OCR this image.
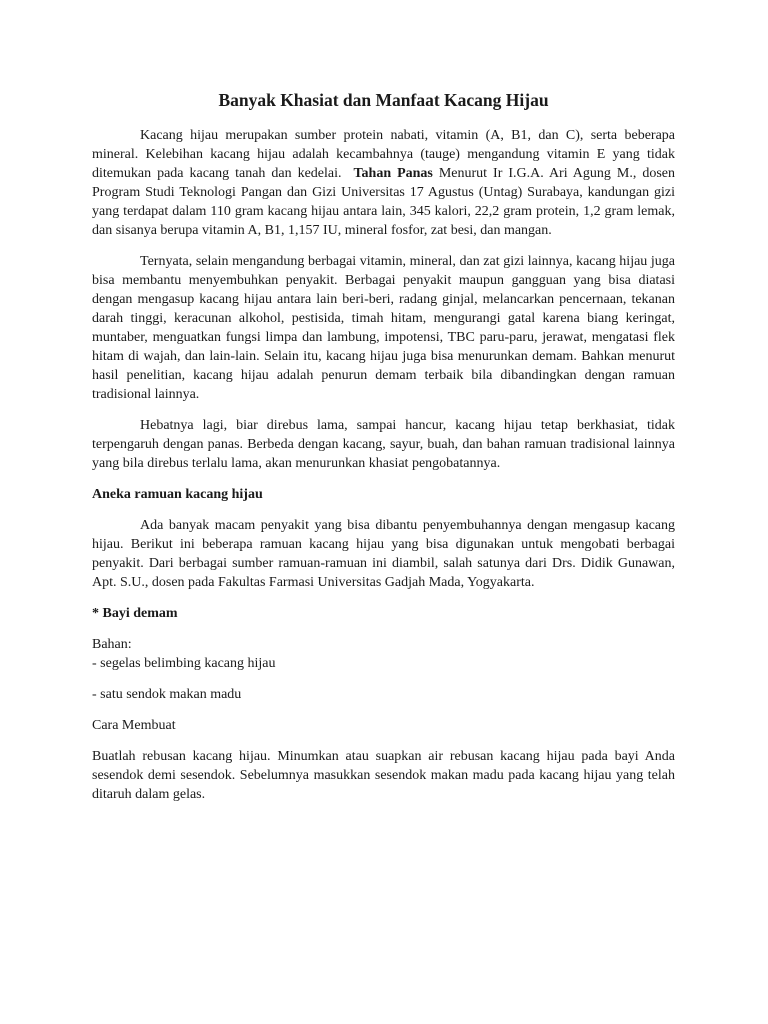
Banyak Khasiat dan Manfaat Kacang Hijau

Kacang hijau merupakan sumber protein nabati, vitamin (A, B1, dan C), serta beberapa mineral. Kelebihan kacang hijau adalah kecambahnya (tauge) mengandung vitamin E yang tidak ditemukan pada kacang tanah dan kedelai. Tahan Panas Menurut Ir I.G.A. Ari Agung M., dosen Program Studi Teknologi Pangan dan Gizi Universitas 17 Agustus (Untag) Surabaya, kandungan gizi yang terdapat dalam 110 gram kacang hijau antara lain, 345 kalori, 22,2 gram protein, 1,2 gram lemak, dan sisanya berupa vitamin A, B1, 1,157 IU, mineral fosfor, zat besi, dan mangan.

Ternyata, selain mengandung berbagai vitamin, mineral, dan zat gizi lainnya, kacang hijau juga bisa membantu menyembuhkan penyakit. Berbagai penyakit maupun gangguan yang bisa diatasi dengan mengasup kacang hijau antara lain beri-beri, radang ginjal, melancarkan pencernaan, tekanan darah tinggi, keracunan alkohol, pestisida, timah hitam, mengurangi gatal karena biang keringat, muntaber, menguatkan fungsi limpa dan lambung, impotensi, TBC paru-paru, jerawat, mengatasi flek hitam di wajah, dan lain-lain. Selain itu, kacang hijau juga bisa menurunkan demam. Bahkan menurut hasil penelitian, kacang hijau adalah penurun demam terbaik bila dibandingkan dengan ramuan tradisional lainnya.

Hebatnya lagi, biar direbus lama, sampai hancur, kacang hijau tetap berkhasiat, tidak terpengaruh dengan panas. Berbeda dengan kacang, sayur, buah, dan bahan ramuan tradisional lainnya yang bila direbus terlalu lama, akan menurunkan khasiat pengobatannya.

Aneka ramuan kacang hijau

Ada banyak macam penyakit yang bisa dibantu penyembuhannya dengan mengasup kacang hijau. Berikut ini beberapa ramuan kacang hijau yang bisa digunakan untuk mengobati berbagai penyakit. Dari berbagai sumber ramuan-ramuan ini diambil, salah satunya dari Drs. Didik Gunawan, Apt. S.U., dosen pada Fakultas Farmasi Universitas Gadjah Mada, Yogyakarta.

* Bayi demam

Bahan:
- segelas belimbing kacang hijau

- satu sendok makan madu

Cara Membuat

Buatlah rebusan kacang hijau. Minumkan atau suapkan air rebusan kacang hijau pada bayi Anda sesendok demi sesendok. Sebelumnya masukkan sesendok makan madu pada kacang hijau yang telah ditaruh dalam gelas.
